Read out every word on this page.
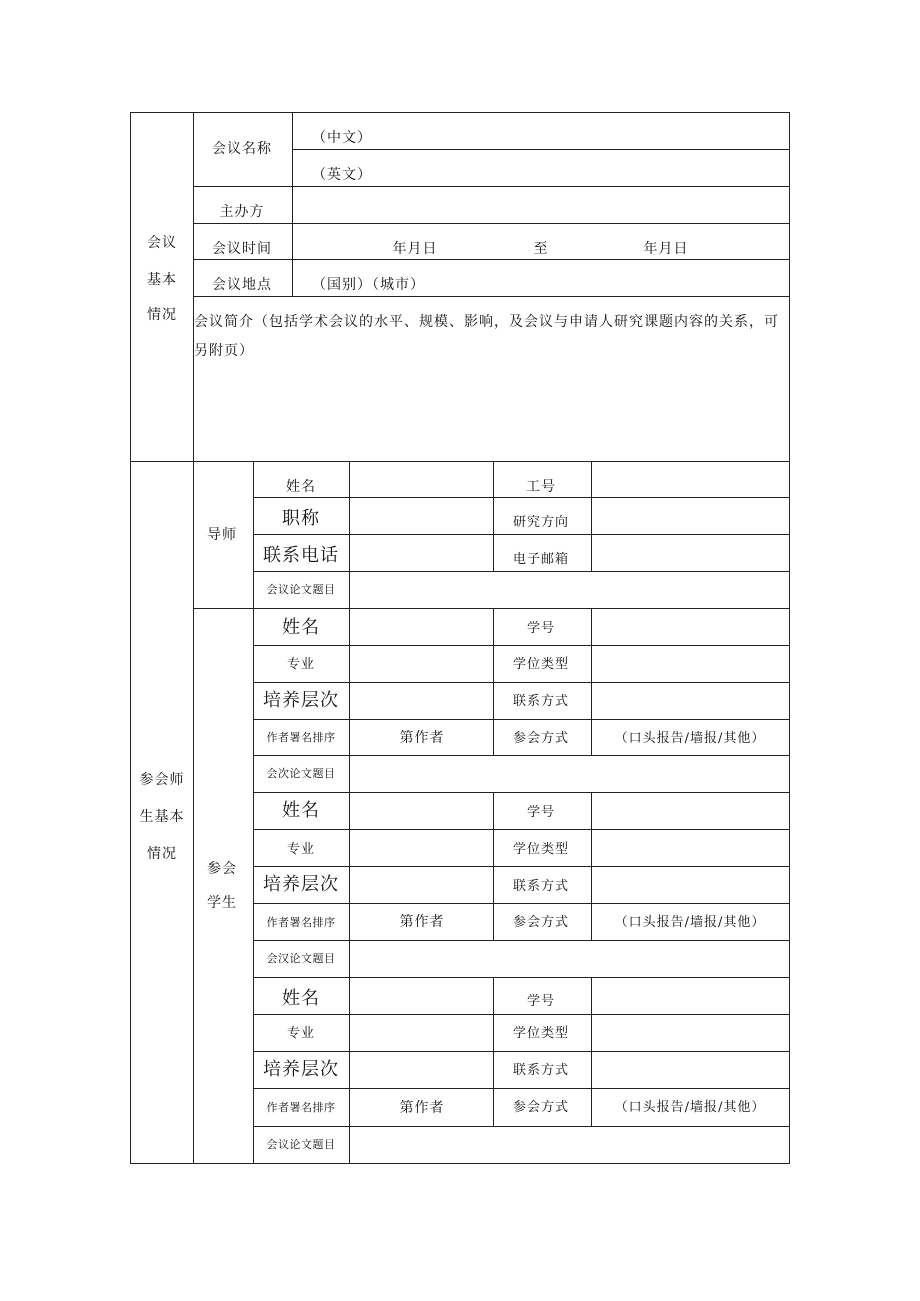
会议
基本
情况
会议名称
（中文）
（英文）
主办方
会议时间	年月日	至	年月日
会议地点	（国别）（城市）
会议简介（包括学术会议的水平、规模、影响，及会议与申请人研究课题内容的关系，可另附页）
参会师
生基本
情况
导师
姓名	工号
职称	研究方向
联系电话	电子邮箱
会议论文题目
参会
学生
姓名	学号
专业	学位类型
培养层次	联系方式
作者署名排序	第作者	参会方式	（口头报告/墙报/其他）
会次论文题目
姓名	学号
专业	学位类型
培养层次	联系方式
作者署名排序	第作者	参会方式	（口头报告/墙报/其他）
会汉论文题目
姓名	学号
专业	学位类型
培养层次	联系方式
作者署名排序	第作者	参会方式	（口头报告/墙报/其他）
会议论文题目
